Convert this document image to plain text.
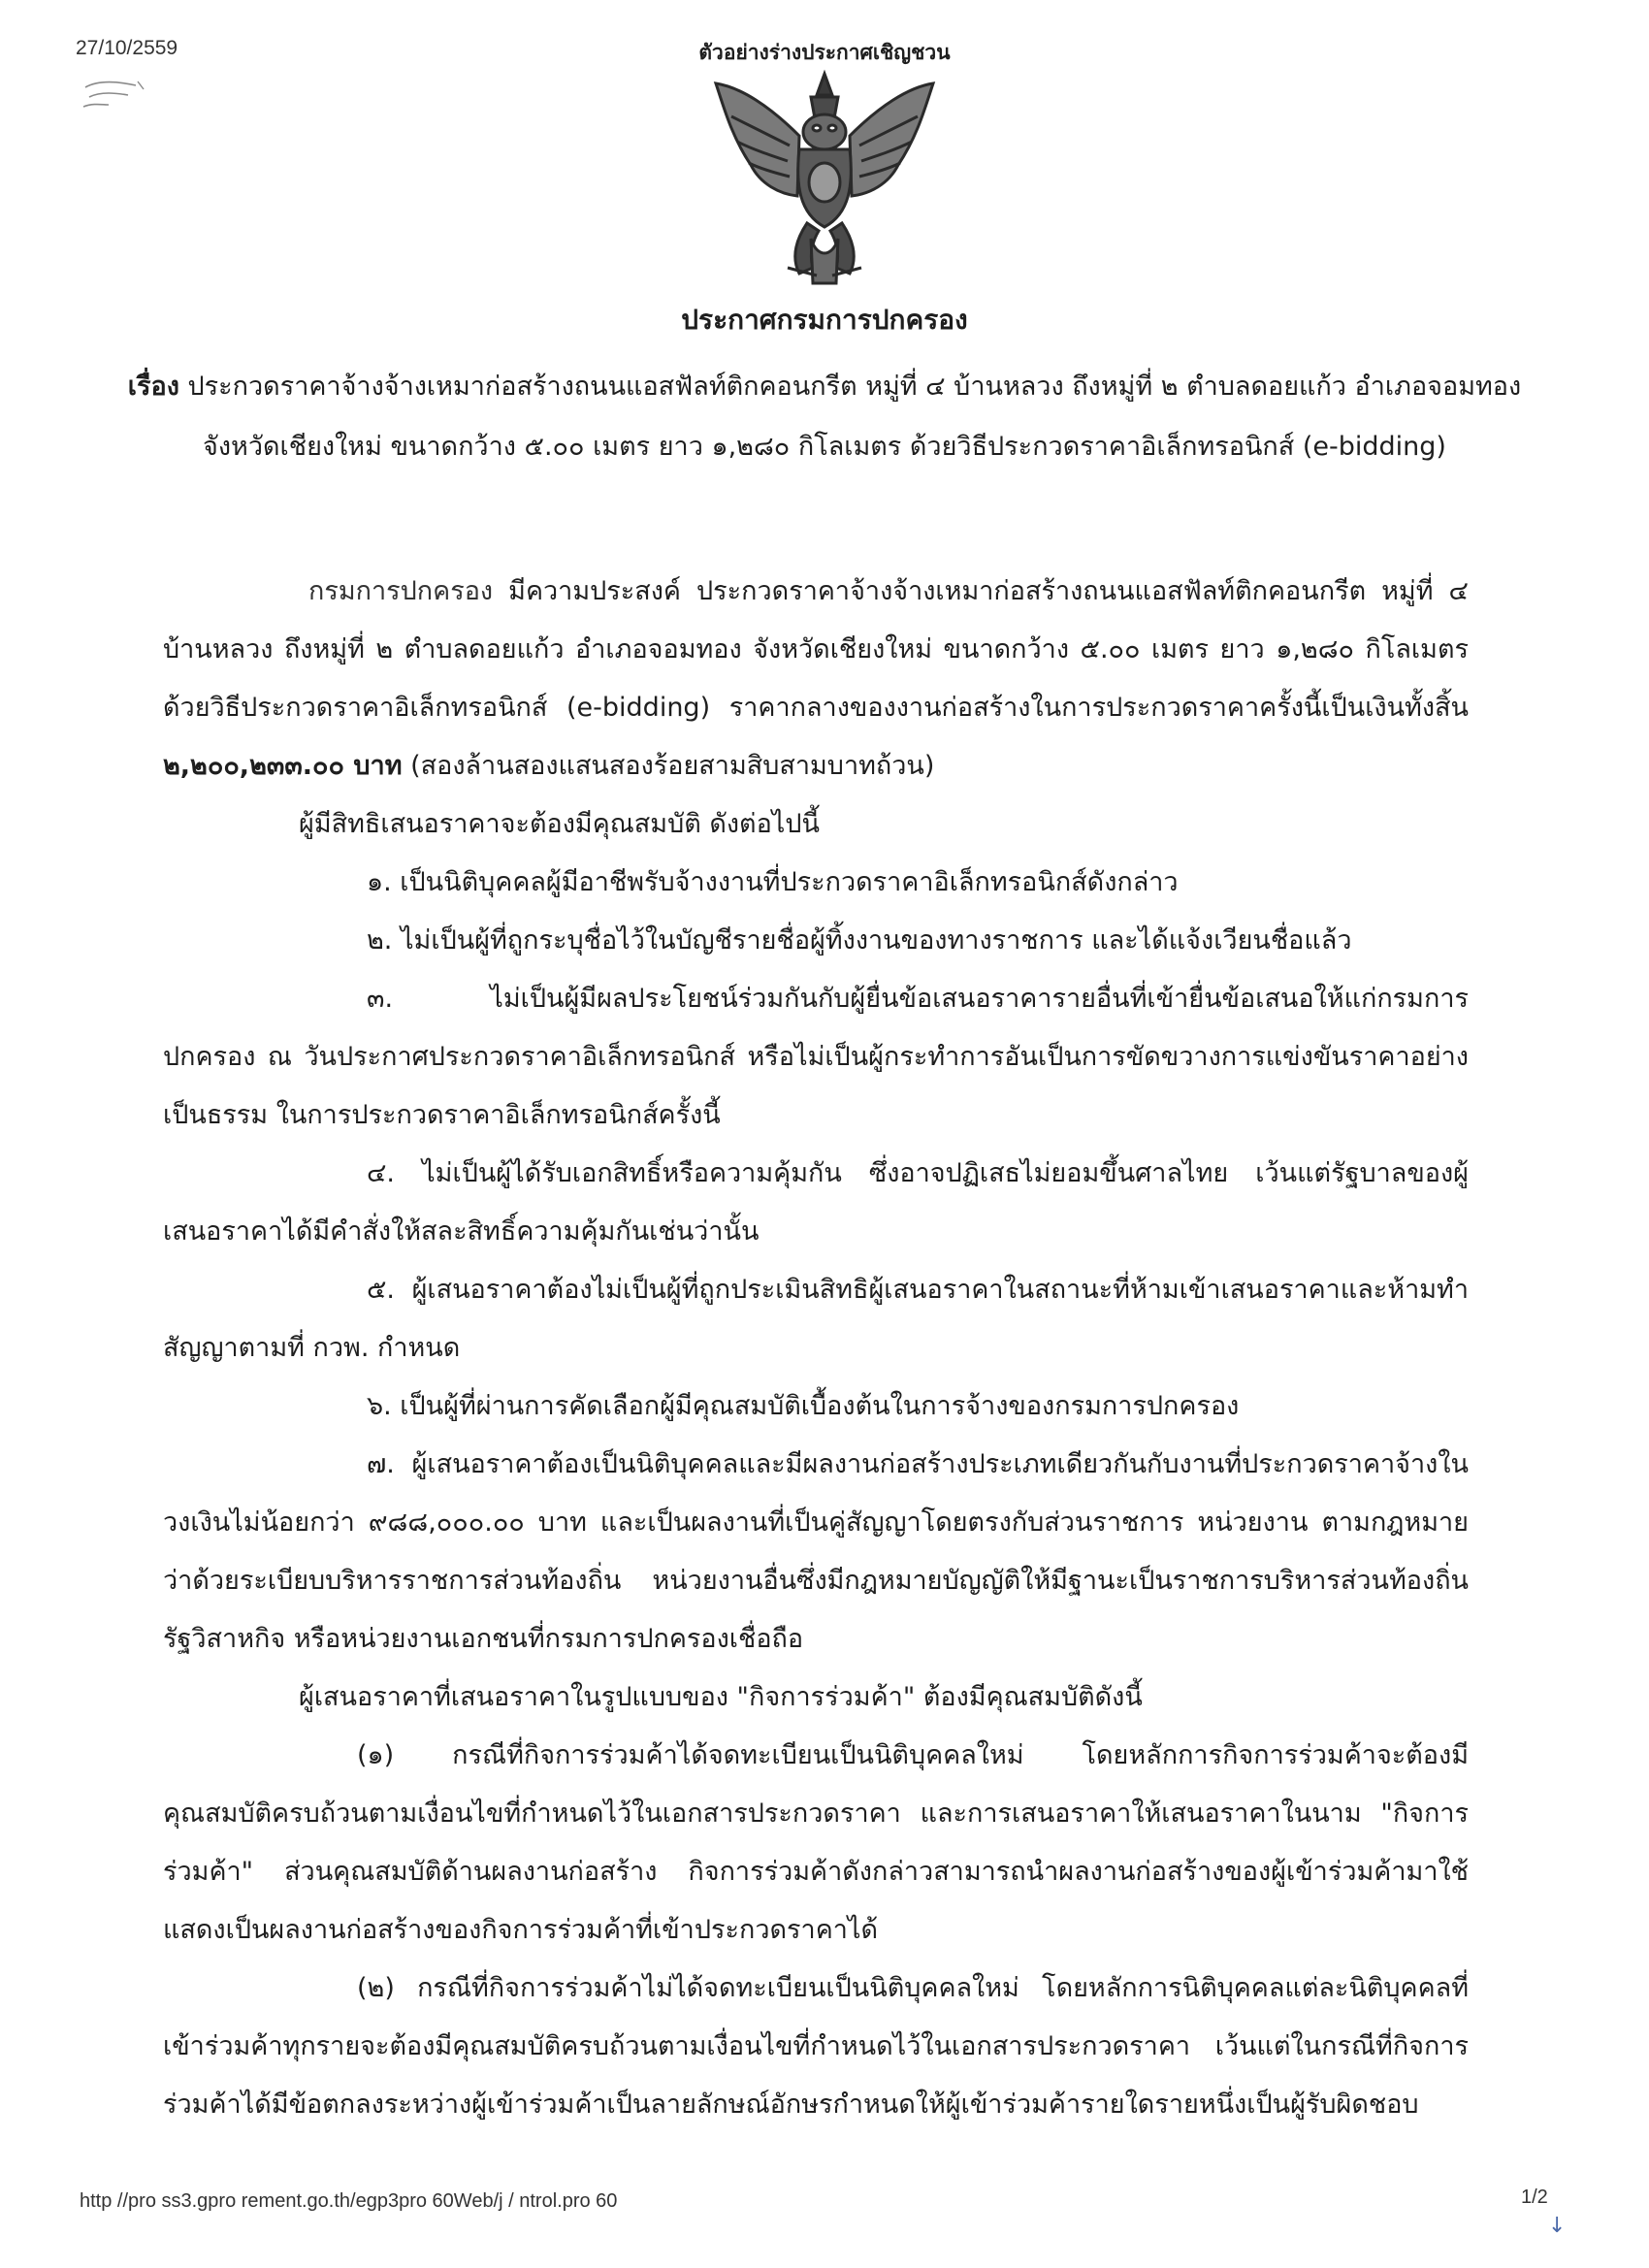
27/10/2559	ตัวอย่างร่างประกาศเชิญชวน
ประกาศกรมการปกครอง
เรื่อง ประกวดราคาจ้างจ้างเหมาก่อสร้างถนนแอสฟัลท์ติกคอนกรีต หมู่ที่ ๔ บ้านหลวง ถึงหมู่ที่ ๒ ตำบลดอยแก้ว อำเภอจอมทอง จังหวัดเชียงใหม่ ขนาดกว้าง ๕.๐๐ เมตร ยาว ๑,๒๘๐ กิโลเมตร ด้วยวิธีประกวดราคาอิเล็กทรอนิกส์ (e-bidding)
กรมการปกครอง มีความประสงค์ ประกวดราคาจ้างจ้างเหมาก่อสร้างถนนแอสฟัลท์ติกคอนกรีต หมู่ที่ ๔ บ้านหลวง ถึงหมู่ที่ ๒ ตำบลดอยแก้ว อำเภอจอมทอง จังหวัดเชียงใหม่ ขนาดกว้าง ๕.๐๐ เมตร ยาว ๑,๒๘๐ กิโลเมตร ด้วยวิธีประกวดราคาอิเล็กทรอนิกส์ (e-bidding) ราคากลางของงานก่อสร้างในการประกวดราคาครั้งนี้เป็นเงินทั้งสิ้น ๒,๒๐๐,๒๓๓.๐๐ บาท (สองล้านสองแสนสองร้อยสามสิบสามบาทถ้วน)
ผู้มีสิทธิเสนอราคาจะต้องมีคุณสมบัติ ดังต่อไปนี้
๑. เป็นนิติบุคคลผู้มีอาชีพรับจ้างงานที่ประกวดราคาอิเล็กทรอนิกส์ดังกล่าว
๒. ไม่เป็นผู้ที่ถูกระบุชื่อไว้ในบัญชีรายชื่อผู้ทิ้งงานของทางราชการ และได้แจ้งเวียนชื่อแล้ว
๓. ไม่เป็นผู้มีผลประโยชน์ร่วมกันกับผู้ยื่นข้อเสนอราคารายอื่นที่เข้ายื่นข้อเสนอให้แก่กรมการปกครอง ณ วันประกาศประกวดราคาอิเล็กทรอนิกส์ หรือไม่เป็นผู้กระทำการอันเป็นการขัดขวางการแข่งขันราคาอย่างเป็นธรรม ในการประกวดราคาอิเล็กทรอนิกส์ครั้งนี้
๔. ไม่เป็นผู้ได้รับเอกสิทธิ์หรือความคุ้มกัน ซึ่งอาจปฏิเสธไม่ยอมขึ้นศาลไทย เว้นแต่รัฐบาลของผู้เสนอราคาได้มีคำสั่งให้สละสิทธิ์ความคุ้มกันเช่นว่านั้น
๕. ผู้เสนอราคาต้องไม่เป็นผู้ที่ถูกประเมินสิทธิผู้เสนอราคาในสถานะที่ห้ามเข้าเสนอราคาและห้ามทำสัญญาตามที่ กวพ. กำหนด
๖. เป็นผู้ที่ผ่านการคัดเลือกผู้มีคุณสมบัติเบื้องต้นในการจ้างของกรมการปกครอง
๗. ผู้เสนอราคาต้องเป็นนิติบุคคลและมีผลงานก่อสร้างประเภทเดียวกันกับงานที่ประกวดราคาจ้างในวงเงินไม่น้อยกว่า ๙๘๘,๐๐๐.๐๐ บาท และเป็นผลงานที่เป็นคู่สัญญาโดยตรงกับส่วนราชการ หน่วยงาน ตามกฎหมายว่าด้วยระเบียบบริหารราชการส่วนท้องถิ่น หน่วยงานอื่นซึ่งมีกฎหมายบัญญัติให้มีฐานะเป็นราชการบริหารส่วนท้องถิ่น รัฐวิสาหกิจ หรือหน่วยงานเอกชนที่กรมการปกครองเชื่อถือ
ผู้เสนอราคาที่เสนอราคาในรูปแบบของ "กิจการร่วมค้า" ต้องมีคุณสมบัติดังนี้
(๑) กรณีที่กิจการร่วมค้าได้จดทะเบียนเป็นนิติบุคคลใหม่ โดยหลักการกิจการร่วมค้าจะต้องมีคุณสมบัติครบถ้วนตามเงื่อนไขที่กำหนดไว้ในเอกสารประกวดราคา และการเสนอราคาให้เสนอราคาในนาม "กิจการร่วมค้า" ส่วนคุณสมบัติด้านผลงานก่อสร้าง กิจการร่วมค้าดังกล่าวสามารถนำผลงานก่อสร้างของผู้เข้าร่วมค้ามาใช้แสดงเป็นผลงานก่อสร้างของกิจการร่วมค้าที่เข้าประกวดราคาได้
(๒) กรณีที่กิจการร่วมค้าไม่ได้จดทะเบียนเป็นนิติบุคคลใหม่ โดยหลักการนิติบุคคลแต่ละนิติบุคคลที่เข้าร่วมค้าทุกรายจะต้องมีคุณสมบัติครบถ้วนตามเงื่อนไขที่กำหนดไว้ในเอกสารประกวดราคา เว้นแต่ในกรณีที่กิจการร่วมค้าได้มีข้อตกลงระหว่างผู้เข้าร่วมค้าเป็นลายลักษณ์อักษรกำหนดให้ผู้เข้าร่วมค้ารายใดรายหนึ่งเป็นผู้รับผิดชอบ
http //pro ss3.gpro rement.go.th/egp3pro 60Web/j / ntrol.pro 60	1/2
↓
